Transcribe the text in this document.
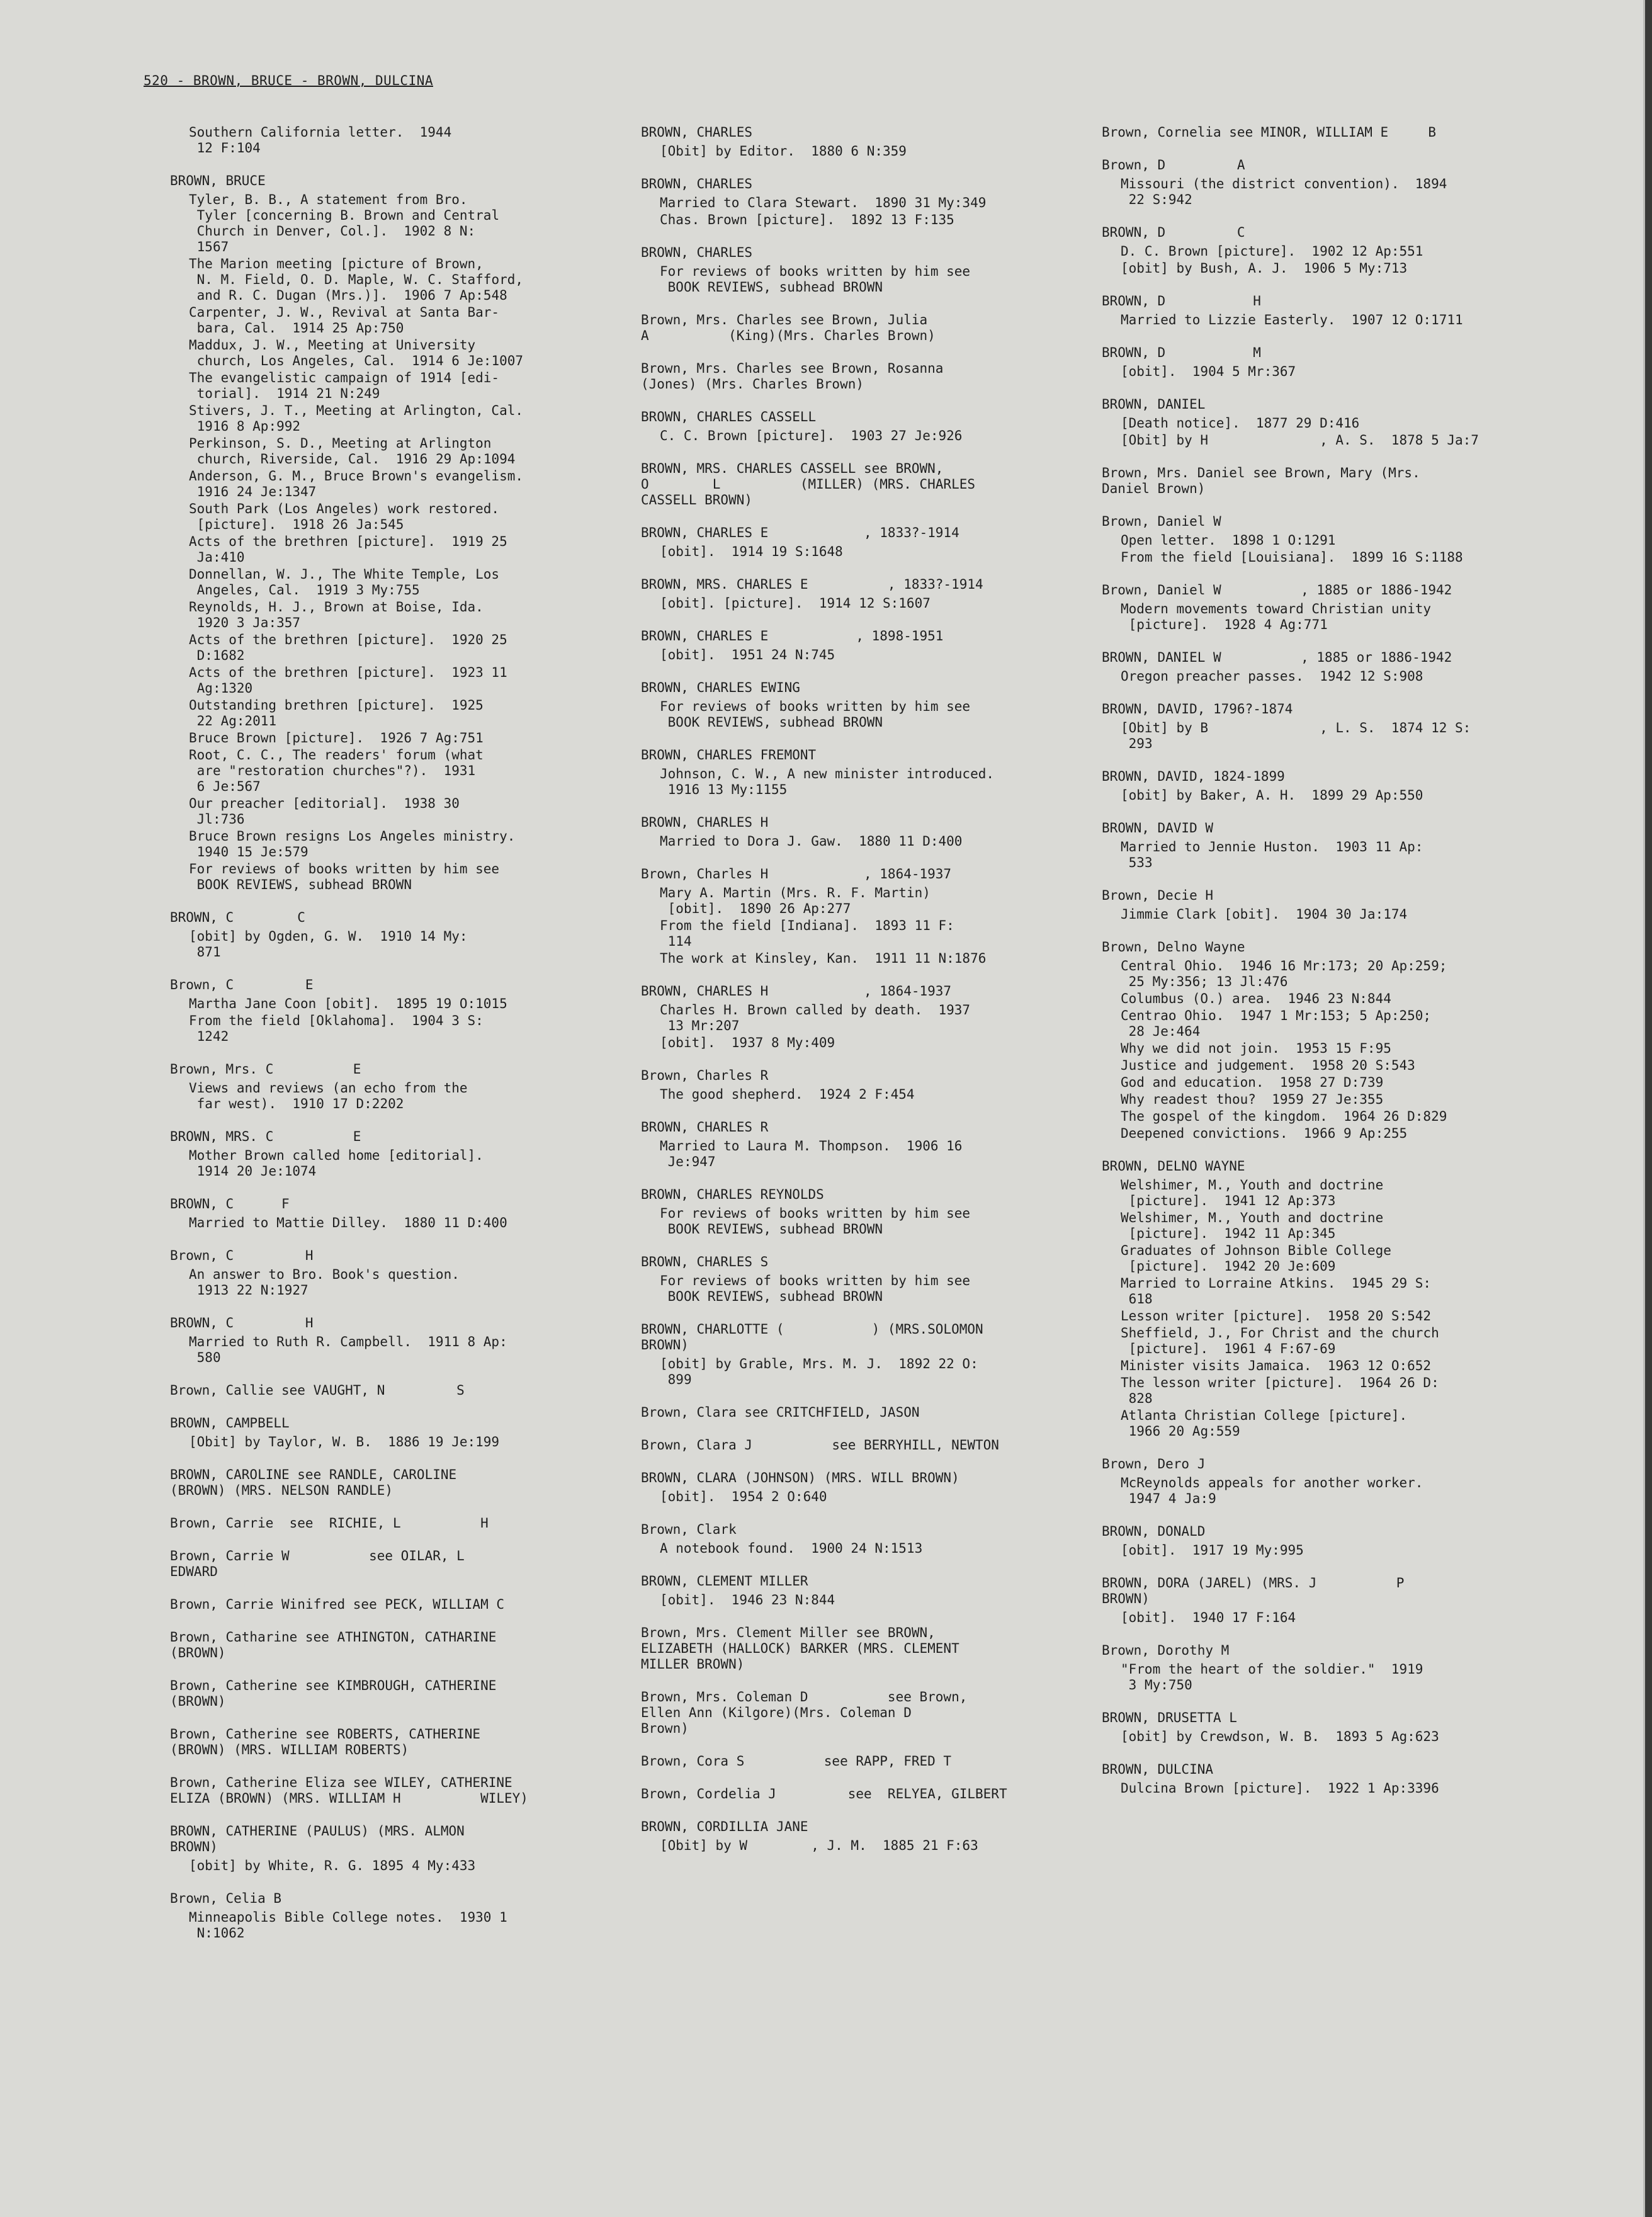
520 - BROWN, BRUCE - BROWN, DULCINA
Southern California letter.  1944
12 F:104
BROWN, BRUCE
Tyler, B. B., A statement from Bro.
Tyler [concerning B. Brown and Central
Church in Denver, Col.].  1902 8 N:
1567
The Marion meeting [picture of Brown,
N. M. Field, O. D. Maple, W. C. Stafford,
and R. C. Dugan (Mrs.)].  1906 7 Ap:548
Carpenter, J. W., Revival at Santa Bar-
bara, Cal.  1914 25 Ap:750
Maddux, J. W., Meeting at University
church, Los Angeles, Cal.  1914 6 Je:1007
The evangelistic campaign of 1914 [edi-
torial].  1914 21 N:249
Stivers, J. T., Meeting at Arlington, Cal.
1916 8 Ap:992
Perkinson, S. D., Meeting at Arlington
church, Riverside, Cal.  1916 29 Ap:1094
Anderson, G. M., Bruce Brown's evangelism.
1916 24 Je:1347
South Park (Los Angeles) work restored.
[picture].  1918 26 Ja:545
Acts of the brethren [picture].  1919 25
Ja:410
Donnellan, W. J., The White Temple, Los
Angeles, Cal.  1919 3 My:755
Reynolds, H. J., Brown at Boise, Ida.
1920 3 Ja:357
Acts of the brethren [picture].  1920 25
D:1682
Acts of the brethren [picture].  1923 11
Ag:1320
Outstanding brethren [picture].  1925
22 Ag:2011
Bruce Brown [picture].  1926 7 Ag:751
Root, C. C., The readers' forum (what
are "restoration churches"?).  1931
6 Je:567
Our preacher [editorial].  1938 30
Jl:736
Bruce Brown resigns Los Angeles ministry.
1940 15 Je:579
For reviews of books written by him see
BOOK REVIEWS, subhead BROWN
BROWN, C        C
[obit] by Ogden, G. W.  1910 14 My:
871
Brown, C         E
Martha Jane Coon [obit].  1895 19 O:1015
From the field [Oklahoma].  1904 3 S:
1242
Brown, Mrs. C          E
Views and reviews (an echo from the
far west).  1910 17 D:2202
BROWN, MRS. C          E
Mother Brown called home [editorial].
1914 20 Je:1074
BROWN, C      F
Married to Mattie Dilley.  1880 11 D:400
Brown, C         H
An answer to Bro. Book's question.
1913 22 N:1927
BROWN, C         H
Married to Ruth R. Campbell.  1911 8 Ap:
580
Brown, Callie see VAUGHT, N         S
BROWN, CAMPBELL
[Obit] by Taylor, W. B.  1886 19 Je:199
BROWN, CAROLINE see RANDLE, CAROLINE
(BROWN) (MRS. NELSON RANDLE)
Brown, Carrie  see  RICHIE, L          H
Brown, Carrie W          see OILAR, L
EDWARD
Brown, Carrie Winifred see PECK, WILLIAM C
Brown, Catharine see ATHINGTON, CATHARINE
(BROWN)
Brown, Catherine see KIMBROUGH, CATHERINE
(BROWN)
Brown, Catherine see ROBERTS, CATHERINE
(BROWN) (MRS. WILLIAM ROBERTS)
Brown, Catherine Eliza see WILEY, CATHERINE
ELIZA (BROWN) (MRS. WILLIAM H          WILEY)
BROWN, CATHERINE (PAULUS) (MRS. ALMON
BROWN)
[obit] by White, R. G. 1895 4 My:433
Brown, Celia B
Minneapolis Bible College notes.  1930 1
N:1062
BROWN, CHARLES
[Obit] by Editor.  1880 6 N:359
BROWN, CHARLES
Married to Clara Stewart.  1890 31 My:349
Chas. Brown [picture].  1892 13 F:135
BROWN, CHARLES
For reviews of books written by him see
BOOK REVIEWS, subhead BROWN
Brown, Mrs. Charles see Brown, Julia
A          (King)(Mrs. Charles Brown)
Brown, Mrs. Charles see Brown, Rosanna
(Jones) (Mrs. Charles Brown)
BROWN, CHARLES CASSELL
C. C. Brown [picture].  1903 27 Je:926
BROWN, MRS. CHARLES CASSELL see BROWN,
O        L          (MILLER) (MRS. CHARLES
CASSELL BROWN)
BROWN, CHARLES E            , 1833?-1914
[obit].  1914 19 S:1648
BROWN, MRS. CHARLES E          , 1833?-1914
[obit]. [picture].  1914 12 S:1607
BROWN, CHARLES E           , 1898-1951
[obit].  1951 24 N:745
BROWN, CHARLES EWING
For reviews of books written by him see
BOOK REVIEWS, subhead BROWN
BROWN, CHARLES FREMONT
Johnson, C. W., A new minister introduced.
1916 13 My:1155
BROWN, CHARLES H
Married to Dora J. Gaw.  1880 11 D:400
Brown, Charles H            , 1864-1937
Mary A. Martin (Mrs. R. F. Martin)
[obit].  1890 26 Ap:277
From the field [Indiana].  1893 11 F:
114
The work at Kinsley, Kan.  1911 11 N:1876
BROWN, CHARLES H            , 1864-1937
Charles H. Brown called by death.  1937
13 Mr:207
[obit].  1937 8 My:409
Brown, Charles R
The good shepherd.  1924 2 F:454
BROWN, CHARLES R
Married to Laura M. Thompson.  1906 16
Je:947
BROWN, CHARLES REYNOLDS
For reviews of books written by him see
BOOK REVIEWS, subhead BROWN
BROWN, CHARLES S
For reviews of books written by him see
BOOK REVIEWS, subhead BROWN
BROWN, CHARLOTTE (           ) (MRS.SOLOMON
BROWN)
[obit] by Grable, Mrs. M. J.  1892 22 O:
899
Brown, Clara see CRITCHFIELD, JASON
Brown, Clara J          see BERRYHILL, NEWTON
BROWN, CLARA (JOHNSON) (MRS. WILL BROWN)
[obit].  1954 2 O:640
Brown, Clark
A notebook found.  1900 24 N:1513
BROWN, CLEMENT MILLER
[obit].  1946 23 N:844
Brown, Mrs. Clement Miller see BROWN,
ELIZABETH (HALLOCK) BARKER (MRS. CLEMENT
MILLER BROWN)
Brown, Mrs. Coleman D          see Brown,
Ellen Ann (Kilgore)(Mrs. Coleman D
Brown)
Brown, Cora S          see RAPP, FRED T
Brown, Cordelia J         see  RELYEA, GILBERT
BROWN, CORDILLIA JANE
[Obit] by W        , J. M.  1885 21 F:63
Brown, Cornelia see MINOR, WILLIAM E     B
Brown, D         A
Missouri (the district convention).  1894
22 S:942
BROWN, D         C
D. C. Brown [picture].  1902 12 Ap:551
[obit] by Bush, A. J.  1906 5 My:713
BROWN, D           H
Married to Lizzie Easterly.  1907 12 O:1711
BROWN, D           M
[obit].  1904 5 Mr:367
BROWN, DANIEL
[Death notice].  1877 29 D:416
[Obit] by H              , A. S.  1878 5 Ja:7
Brown, Mrs. Daniel see Brown, Mary (Mrs.
Daniel Brown)
Brown, Daniel W
Open letter.  1898 1 O:1291
From the field [Louisiana].  1899 16 S:1188
Brown, Daniel W          , 1885 or 1886-1942
Modern movements toward Christian unity
[picture].  1928 4 Ag:771
BROWN, DANIEL W          , 1885 or 1886-1942
Oregon preacher passes.  1942 12 S:908
BROWN, DAVID, 1796?-1874
[Obit] by B              , L. S.  1874 12 S:
293
BROWN, DAVID, 1824-1899
[obit] by Baker, A. H.  1899 29 Ap:550
BROWN, DAVID W
Married to Jennie Huston.  1903 11 Ap:
533
Brown, Decie H
Jimmie Clark [obit].  1904 30 Ja:174
Brown, Delno Wayne
Central Ohio.  1946 16 Mr:173; 20 Ap:259;
25 My:356; 13 Jl:476
Columbus (O.) area.  1946 23 N:844
Centrao Ohio.  1947 1 Mr:153; 5 Ap:250;
28 Je:464
Why we did not join.  1953 15 F:95
Justice and judgement.  1958 20 S:543
God and education.  1958 27 D:739
Why readest thou?  1959 27 Je:355
The gospel of the kingdom.  1964 26 D:829
Deepened convictions.  1966 9 Ap:255
BROWN, DELNO WAYNE
Welshimer, M., Youth and doctrine
[picture].  1941 12 Ap:373
Welshimer, M., Youth and doctrine
[picture].  1942 11 Ap:345
Graduates of Johnson Bible College
[picture].  1942 20 Je:609
Married to Lorraine Atkins.  1945 29 S:
618
Lesson writer [picture].  1958 20 S:542
Sheffield, J., For Christ and the church
[picture].  1961 4 F:67-69
Minister visits Jamaica.  1963 12 O:652
The lesson writer [picture].  1964 26 D:
828
Atlanta Christian College [picture].
1966 20 Ag:559
Brown, Dero J
McReynolds appeals for another worker.
1947 4 Ja:9
BROWN, DONALD
[obit].  1917 19 My:995
BROWN, DORA (JAREL) (MRS. J          P
BROWN)
[obit].  1940 17 F:164
Brown, Dorothy M
"From the heart of the soldier."  1919
3 My:750
BROWN, DRUSETTA L
[obit] by Crewdson, W. B.  1893 5 Ag:623
BROWN, DULCINA
Dulcina Brown [picture].  1922 1 Ap:3396
